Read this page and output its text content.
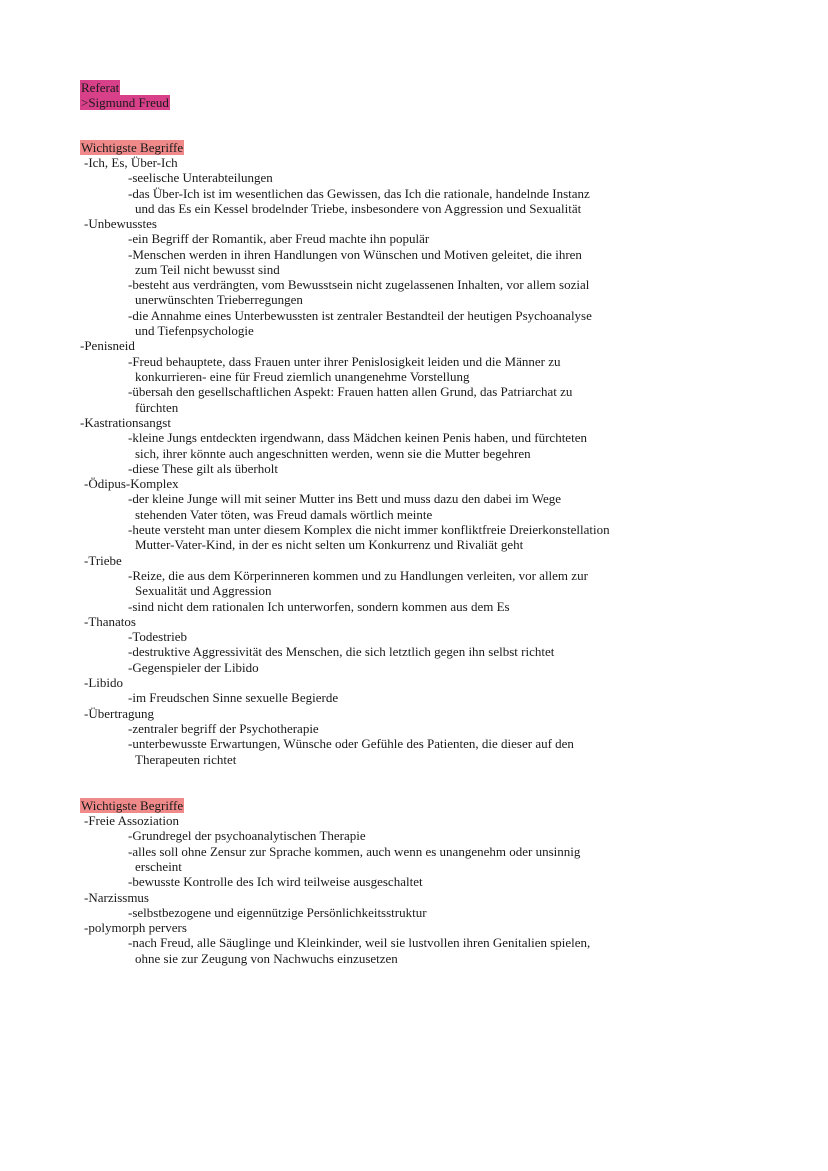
Referat
>Sigmund Freud
Wichtigste Begriffe
-Ich, Es, Über-Ich
-seelische Unterabteilungen
-das Über-Ich ist im wesentlichen das Gewissen, das Ich die rationale, handelnde Instanz
und das Es ein Kessel brodelnder Triebe, insbesondere von Aggression und Sexualität
-Unbewusstes
-ein Begriff der Romantik, aber Freud machte ihn populär
-Menschen werden in ihren Handlungen von Wünschen und Motiven geleitet, die ihren
zum Teil nicht bewusst sind
-besteht aus verdrängten, vom Bewusstsein nicht zugelassenen Inhalten, vor allem sozial
unerwünschten Trieberregungen
-die Annahme eines Unterbewussten ist zentraler Bestandteil der heutigen Psychoanalyse
und Tiefenpsychologie
-Penisneid
-Freud behauptete, dass Frauen unter ihrer Penislosigkeit leiden und die Männer zu
konkurrieren- eine für Freud ziemlich unangenehme Vorstellung
-übersah den gesellschaftlichen Aspekt: Frauen hatten allen Grund, das Patriarchat zu
fürchten
-Kastrationsangst
-kleine Jungs entdeckten irgendwann, dass Mädchen keinen Penis haben, und fürchteten
sich, ihrer könnte auch angeschnitten werden, wenn sie die Mutter begehren
-diese These gilt als überholt
-Ödipus-Komplex
-der kleine Junge will mit seiner Mutter ins Bett und muss dazu den dabei im Wege
stehenden Vater töten, was Freud damals wörtlich meinte
-heute versteht man unter diesem Komplex die nicht immer konfliktfreie Dreierkonstellation
Mutter-Vater-Kind, in der es nicht selten um Konkurrenz und Rivaliät geht
-Triebe
-Reize, die aus dem Körperinneren kommen und zu Handlungen verleiten, vor allem zur
Sexualität und Aggression
-sind nicht dem rationalen Ich unterworfen, sondern kommen aus dem Es
-Thanatos
-Todestrieb
-destruktive Aggressivität des Menschen, die sich letztlich gegen ihn selbst richtet
-Gegenspieler der Libido
-Libido
-im Freudschen Sinne sexuelle Begierde
-Übertragung
-zentraler begriff der Psychotherapie
-unterbewusste Erwartungen, Wünsche oder Gefühle des Patienten, die dieser auf den
Therapeuten richtet
Wichtigste Begriffe
-Freie Assoziation
-Grundregel der psychoanalytischen Therapie
-alles soll ohne Zensur zur Sprache kommen, auch wenn es unangenehm oder unsinnig
erscheint
-bewusste Kontrolle des Ich wird teilweise ausgeschaltet
-Narzissmus
-selbstbezogene und eigennützige Persönlichkeitsstruktur
-polymorph pervers
-nach Freud, alle Säuglinge und Kleinkinder, weil sie lustvollen ihren Genitalien spielen,
ohne sie zur Zeugung von Nachwuchs einzusetzen
